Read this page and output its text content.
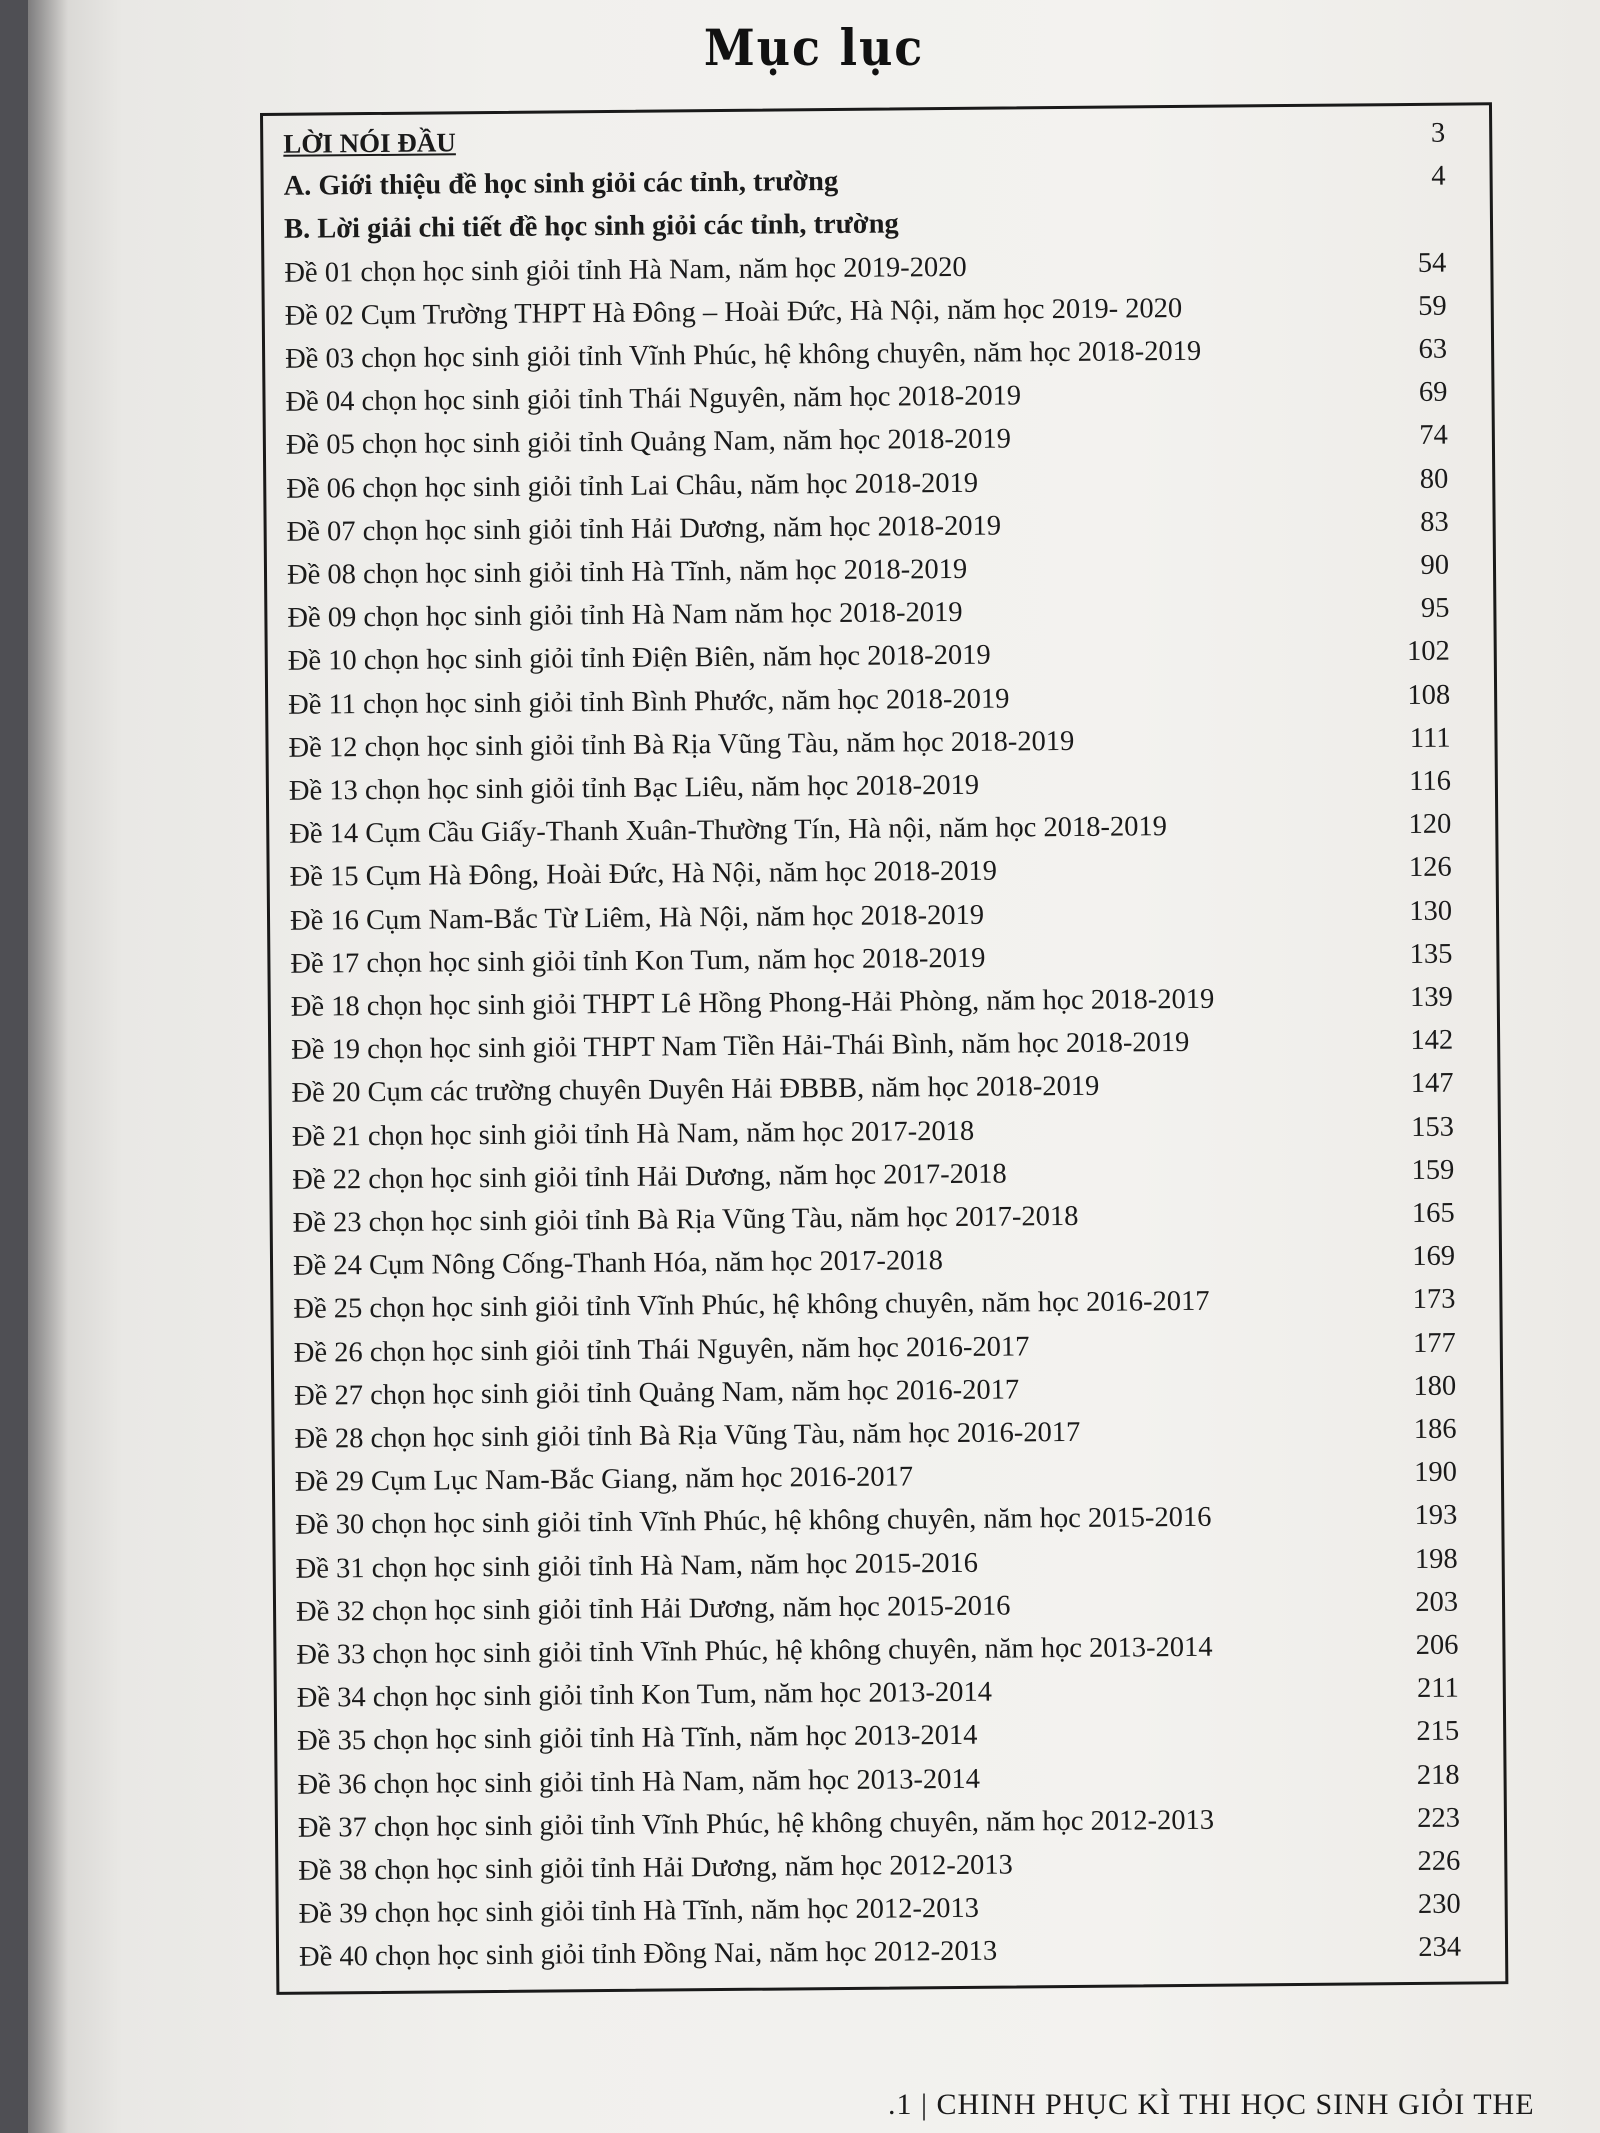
Mục lục
LỜI NÓI ĐẦU	3
A. Giới thiệu đề học sinh giỏi các tỉnh, trường	4
B. Lời giải chi tiết đề học sinh giỏi các tỉnh, trường
Đề 01 chọn học sinh giỏi tỉnh Hà Nam, năm học 2019-2020	54
Đề 02 Cụm Trường THPT Hà Đông – Hoài Đức, Hà Nội, năm học 2019- 2020	59
Đề 03 chọn học sinh giỏi tỉnh Vĩnh Phúc, hệ không chuyên, năm học 2018-2019	63
Đề 04 chọn học sinh giỏi tỉnh Thái Nguyên, năm học 2018-2019	69
Đề 05 chọn học sinh giỏi tỉnh Quảng Nam, năm học 2018-2019	74
Đề 06 chọn học sinh giỏi tỉnh Lai Châu, năm học 2018-2019	80
Đề 07 chọn học sinh giỏi tỉnh Hải Dương, năm học 2018-2019	83
Đề 08 chọn học sinh giỏi tỉnh Hà Tĩnh, năm học 2018-2019	90
Đề 09 chọn học sinh giỏi tỉnh Hà Nam năm học 2018-2019	95
Đề 10 chọn học sinh giỏi tỉnh Điện Biên, năm học 2018-2019	102
Đề 11 chọn học sinh giỏi tỉnh Bình Phước, năm học 2018-2019	108
Đề 12 chọn học sinh giỏi tỉnh Bà Rịa Vũng Tàu, năm học 2018-2019	111
Đề 13 chọn học sinh giỏi tỉnh Bạc Liêu, năm học 2018-2019	116
Đề 14 Cụm Cầu Giấy-Thanh Xuân-Thường Tín, Hà nội, năm học 2018-2019	120
Đề 15 Cụm Hà Đông, Hoài Đức, Hà Nội, năm học 2018-2019	126
Đề 16 Cụm Nam-Bắc Từ Liêm, Hà Nội, năm học 2018-2019	130
Đề 17 chọn học sinh giỏi tỉnh Kon Tum, năm học 2018-2019	135
Đề 18 chọn học sinh giỏi THPT Lê Hồng Phong-Hải Phòng, năm học 2018-2019	139
Đề 19 chọn học sinh giỏi THPT Nam Tiền Hải-Thái Bình, năm học 2018-2019	142
Đề 20 Cụm các trường chuyên Duyên Hải ĐBBB, năm học 2018-2019	147
Đề 21 chọn học sinh giỏi tỉnh Hà Nam, năm học 2017-2018	153
Đề 22 chọn học sinh giỏi tỉnh Hải Dương, năm học 2017-2018	159
Đề 23 chọn học sinh giỏi tỉnh Bà Rịa Vũng Tàu, năm học 2017-2018	165
Đề 24 Cụm Nông Cống-Thanh Hóa, năm học 2017-2018	169
Đề 25 chọn học sinh giỏi tỉnh Vĩnh Phúc, hệ không chuyên, năm học 2016-2017	173
Đề 26 chọn học sinh giỏi tỉnh Thái Nguyên, năm học 2016-2017	177
Đề 27 chọn học sinh giỏi tỉnh Quảng Nam, năm học 2016-2017	180
Đề 28 chọn học sinh giỏi tỉnh Bà Rịa Vũng Tàu, năm học 2016-2017	186
Đề 29 Cụm Lục Nam-Bắc Giang, năm học 2016-2017	190
Đề 30 chọn học sinh giỏi tỉnh Vĩnh Phúc, hệ không chuyên, năm học 2015-2016	193
Đề 31 chọn học sinh giỏi tỉnh Hà Nam, năm học 2015-2016	198
Đề 32 chọn học sinh giỏi tỉnh Hải Dương, năm học 2015-2016	203
Đề 33 chọn học sinh giỏi tỉnh Vĩnh Phúc, hệ không chuyên, năm học 2013-2014	206
Đề 34 chọn học sinh giỏi tỉnh Kon Tum, năm học 2013-2014	211
Đề 35 chọn học sinh giỏi tỉnh Hà Tĩnh, năm học 2013-2014	215
Đề 36 chọn học sinh giỏi tỉnh Hà Nam, năm học 2013-2014	218
Đề 37 chọn học sinh giỏi tỉnh Vĩnh Phúc, hệ không chuyên, năm học 2012-2013	223
Đề 38 chọn học sinh giỏi tỉnh Hải Dương, năm học 2012-2013	226
Đề 39 chọn học sinh giỏi tỉnh Hà Tĩnh, năm học 2012-2013	230
Đề 40 chọn học sinh giỏi tỉnh Đồng Nai, năm học 2012-2013	234
.1 | CHINH PHỤC KÌ THI HỌC SINH GIỎI THE
